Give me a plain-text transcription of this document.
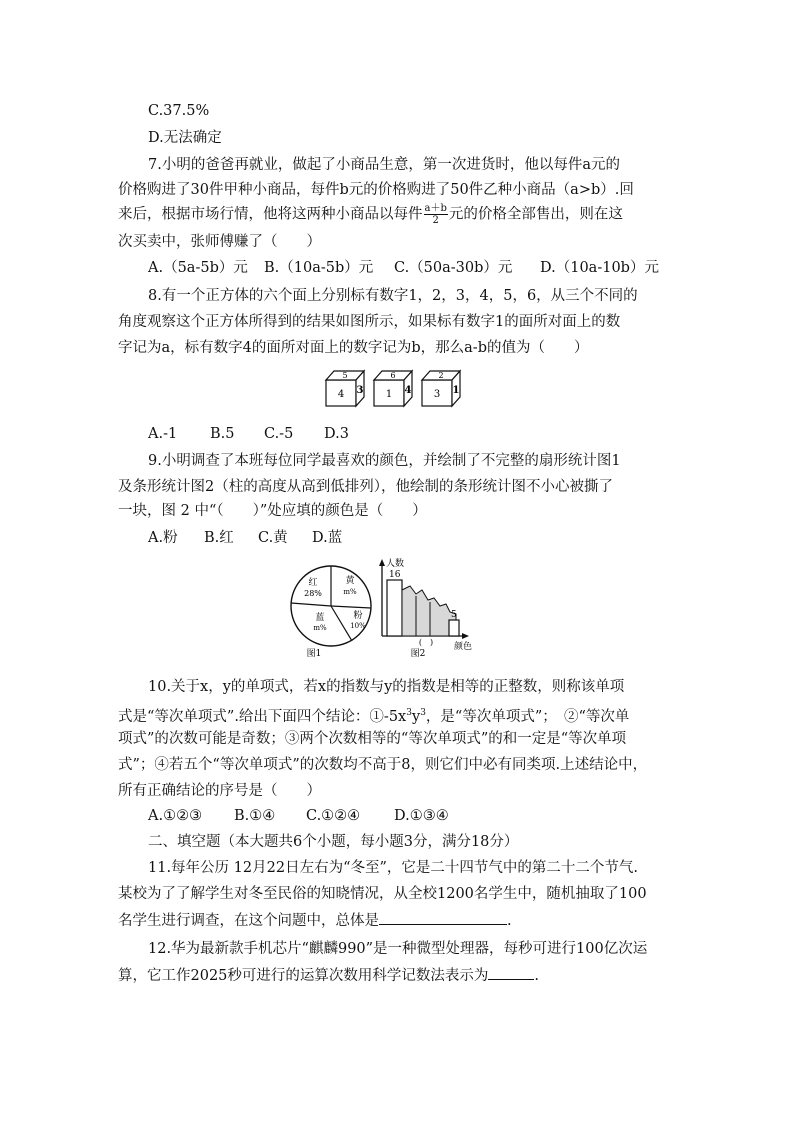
C.37.5%
D.无法确定
7.小明的爸爸再就业，做起了小商品生意，第一次进货时，他以每件a元的
价格购进了30件甲种小商品，每件b元的价格购进了50件乙种小商品（a>b）.回
来后，根据市场行情，他将这两种小商品以每件 $\frac{a+b}{2}$ 元的价格全部售出，则在这
次买卖中，张师傅赚了（　　）
A.（5a-5b）元 B.（10a-5b）元 C.（50a-30b）元 D.（10a-10b）元
8.有一个正方体的六个面上分别标有数字1，2，3，4，5，6，从三个不同的
角度观察这个正方体所得到的结果如图所示，如果标有数字1的面所对面上的数
字记为a，标有数字4的面所对面上的数字记为b，那么a-b的值为（　　）
5
4 3
6
1 4
2
3 1
A.-1 B.5 C.-5 D.3
9.小明调查了本班每位同学最喜欢的颜色，并绘制了不完整的扇形统计图1
及条形统计图2（柱的高度从高到低排列），他绘制的条形统计图不小心被撕了
一块，图 2 中“（　　）”处应填的颜色是（　　）
A.粉 B.红 C.黄 D.蓝
红
28%
黄
m%
蓝
m%
粉
10%
图1
人数
16
5
(　) 颜色
图2
10.关于x，y的单项式，若x的指数与y的指数是相等的正整数，则称该单项
式是“等次单项式”.给出下面四个结论：$①-5x^3y^3$，是“等次单项式”；　②“等次单
项式”的次数可能是奇数；③两个次数相等的“等次单项式”的和一定是“等次单项
式”；④若五个“等次单项式”的次数均不高于8，则它们中必有同类项.上述结论中，
所有正确结论的序号是（　　）
A.①②③ B.①④ C.①②④ D.①③④
二、填空题（本大题共6个小题，每小题3分，满分18分）
11.每年公历 12月22日左右为“冬至”，它是二十四节气中的第二十二个节气.
某校为了了解学生对冬至民俗的知晓情况，从全校1200名学生中，随机抽取了100
名学生进行调查，在这个问题中，总体是	.
12.华为最新款手机芯片“麒麟990”是一种微型处理器，每秒可进行100亿次运
算，它工作2025秒可进行的运算次数用科学记数法表示为	.
